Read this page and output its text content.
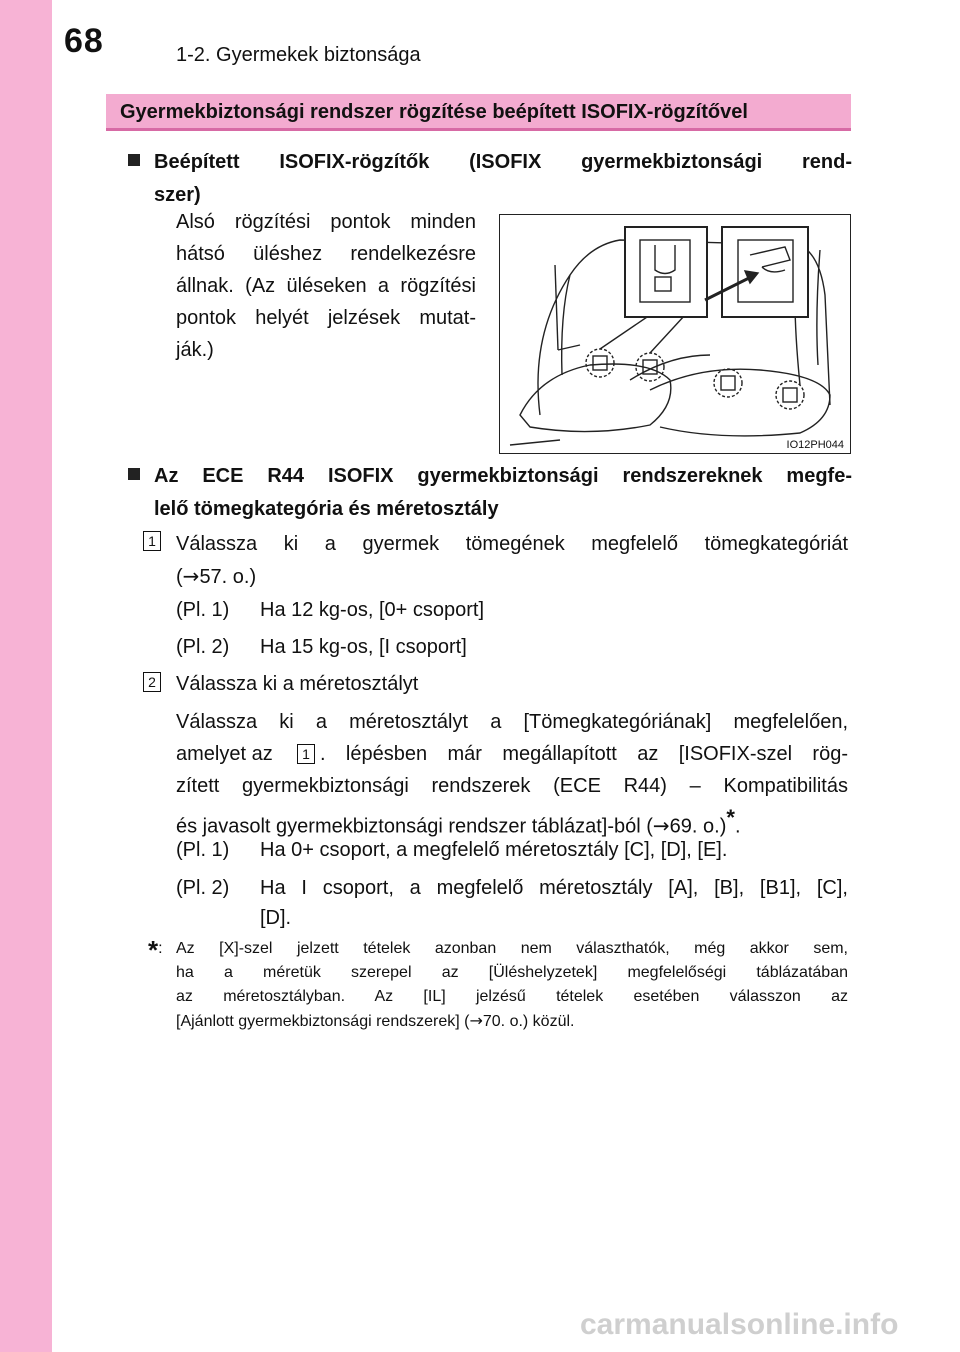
68	1-2. Gyermekek biztonsága
Gyermekbiztonsági rendszer rögzítése beépített ISOFIX-rögzítővel
Beépített ISOFIX-rögzítők (ISOFIX gyermekbiztonsági rend-
szer)
Alsó rögzítési pontok minden
hátsó üléshez rendelkezésre
állnak. (Az üléseken a rögzítési
pontok helyét jelzések mutat-
ják.)
IO12PH044
Az ECE R44 ISOFIX gyermekbiztonsági rendszereknek megfe-
lelő tömegkategória és méretosztály
1 Válassza ki a gyermek tömegének megfelelő tömegkategóriát
(→57. o.)
(Pl. 1) Ha 12 kg-os, [0+ csoport]
(Pl. 2) Ha 15 kg-os, [I csoport]
2 Válassza ki a méretosztályt
Válassza ki a méretosztályt a [Tömegkategóriának] megfelelően,
amelyet az	1 . lépésben már megállapított az [ISOFIX-szel rög-
zített gyermekbiztonsági rendszerek (ECE R44) – Kompatibilitás
és javasolt gyermekbiztonsági rendszer táblázat]-ból (→69. o.)*.
(Pl. 1) Ha 0+ csoport, a megfelelő méretosztály [C], [D], [E].
(Pl. 2) Ha I csoport, a megfelelő méretosztály [A], [B], [B1], [C],
[D].
*: Az [X]-szel jelzett tételek azonban nem választhatók, még akkor sem,
ha a méretük szerepel az [Üléshelyzetek] megfelelőségi táblázatában
az méretosztályban. Az [IL] jelzésű tételek esetében válasszon az
[Ajánlott gyermekbiztonsági rendszerek] (→70. o.) közül.
carmanualsonline.info
